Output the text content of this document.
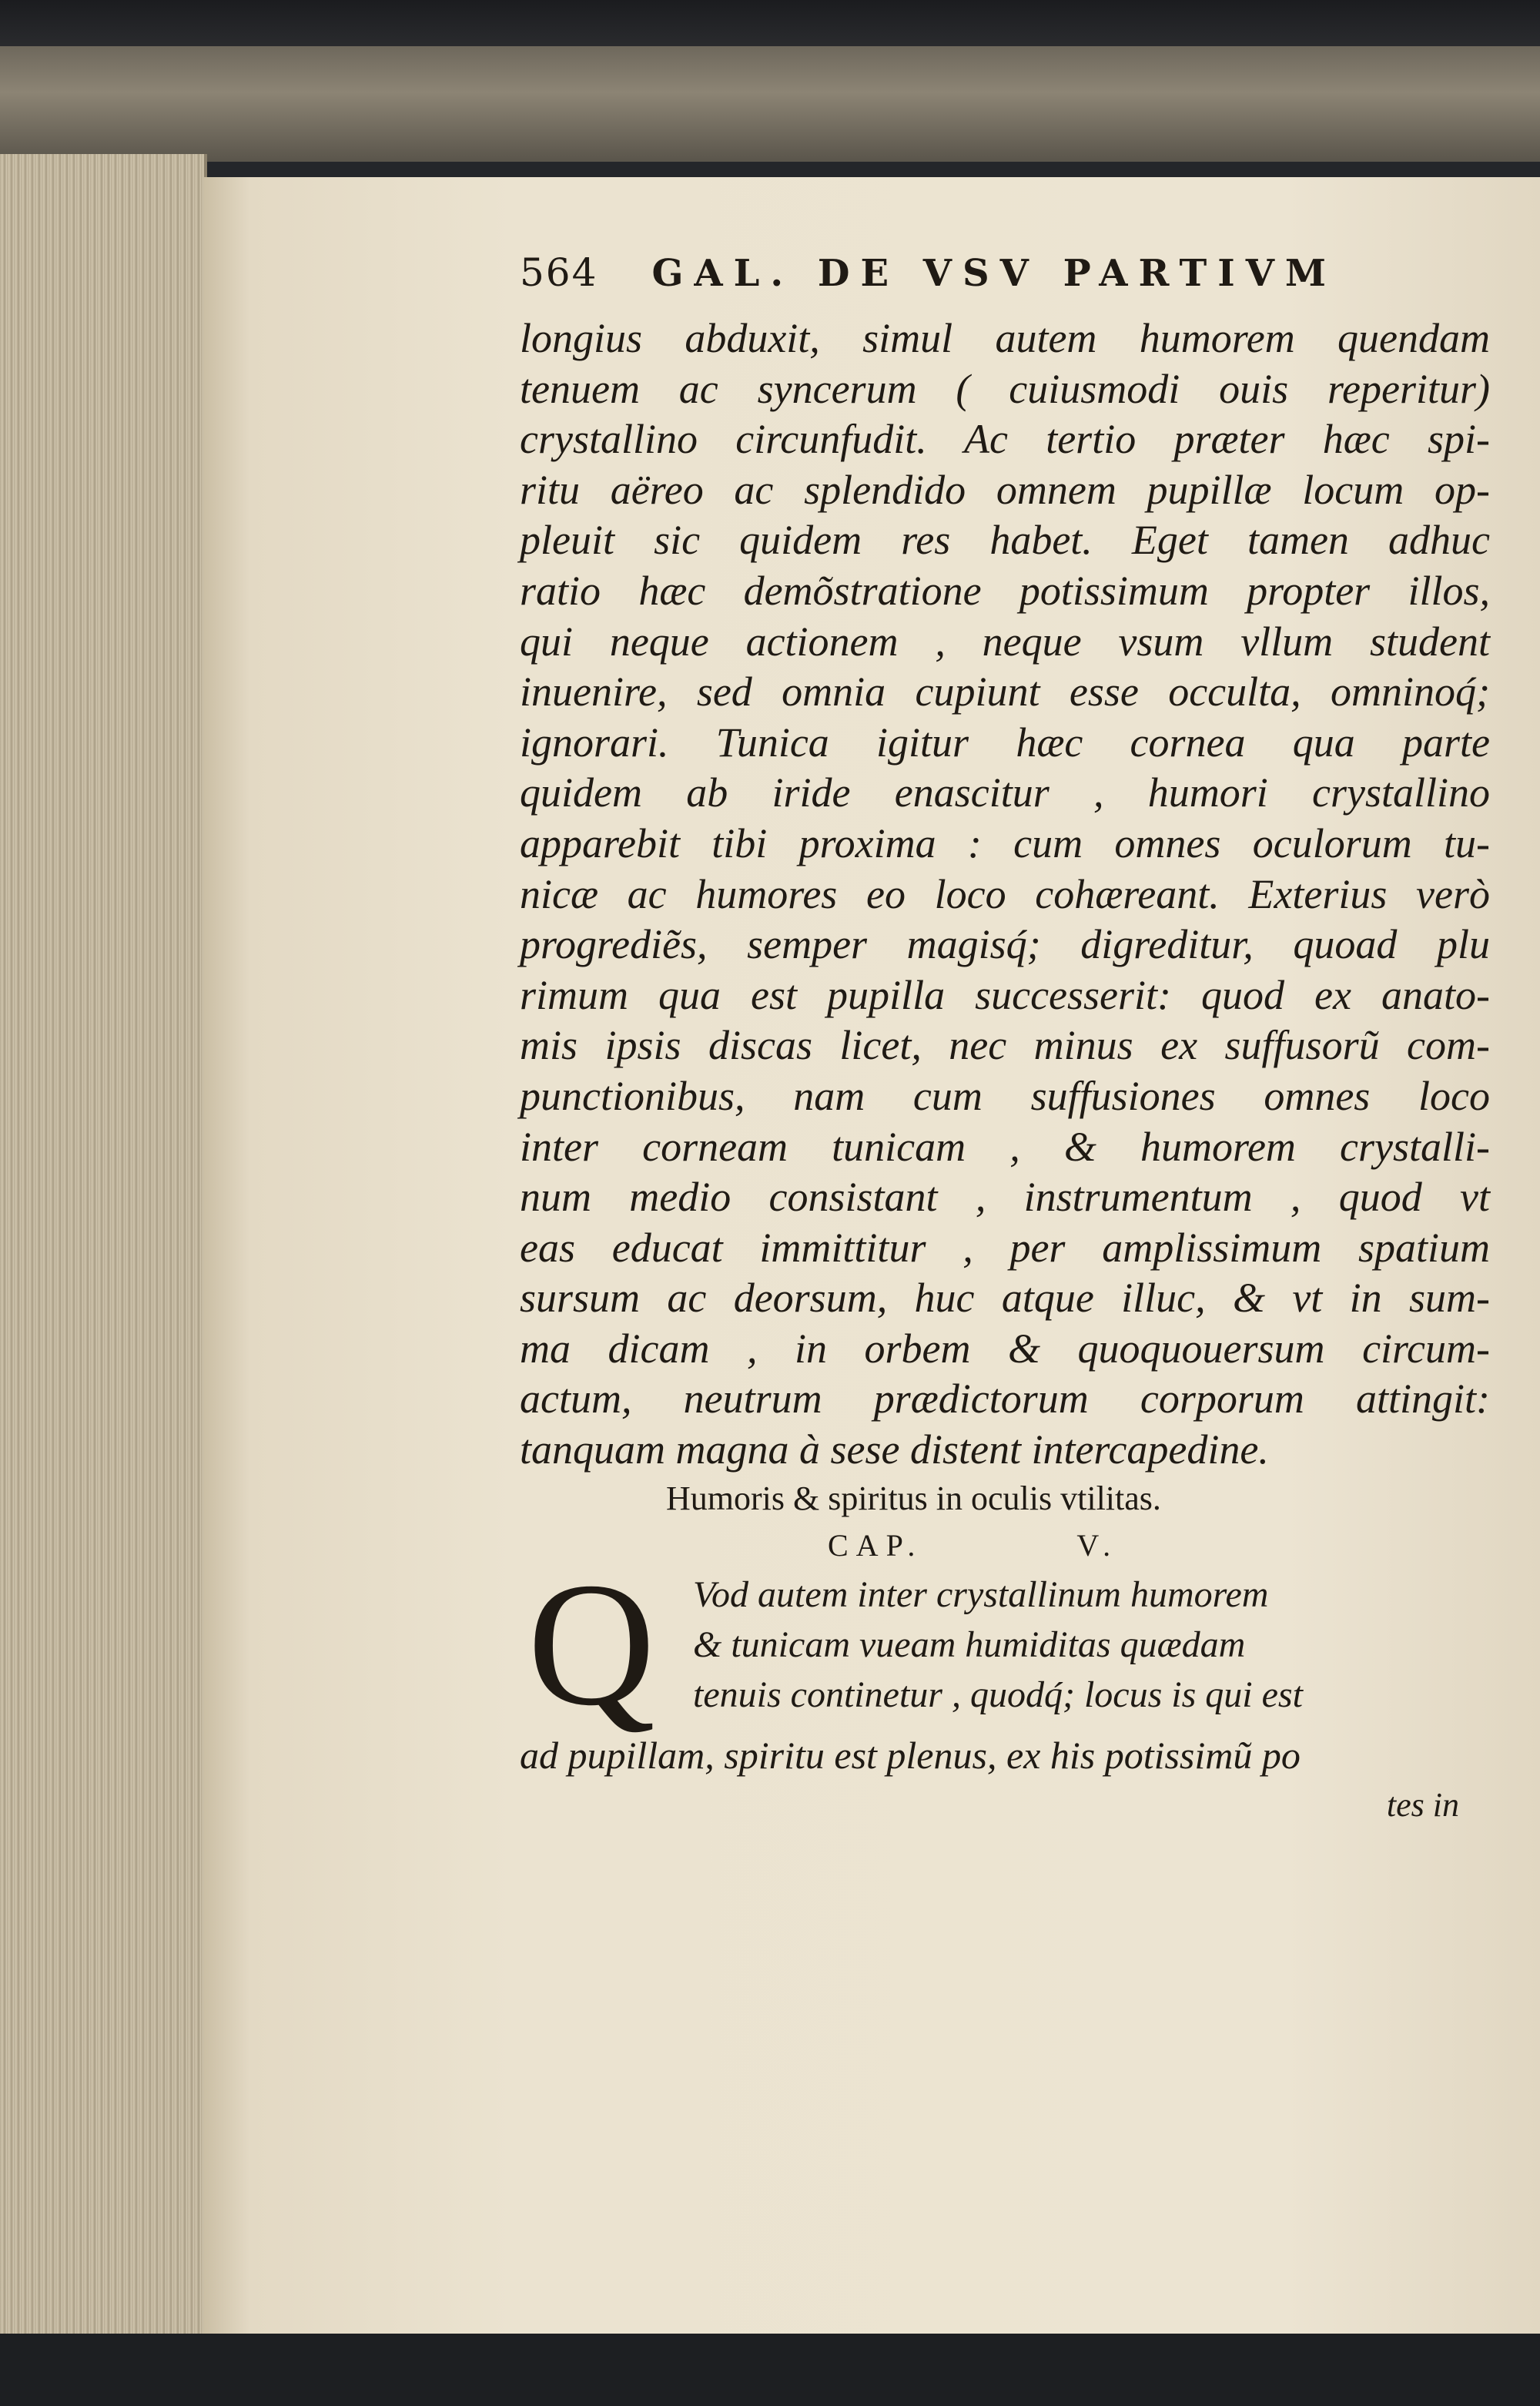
564 GAL. DE VSV PARTIVM
longius abduxit, simul autem humorem quendam
tenuem ac syncerum ( cuiusmodi ouis reperitur)
crystallino circunfudit. Ac tertio præter hæc spi-
ritu aëreo ac splendido omnem pupillæ locum op-
pleuit sic quidem res habet. Eget tamen adhuc
ratio hæc demõstratione potissimum propter illos,
qui neque actionem , neque vsum vllum student
inuenire, sed omnia cupiunt esse occulta, omninoq́;
ignorari. Tunica igitur hæc cornea qua parte
quidem ab iride enascitur , humori crystallino
apparebit tibi proxima : cum omnes oculorum tu-
nicæ ac humores eo loco cohæreant. Exterius verò
progrediẽs, semper magisq́; digreditur, quoad plu
rimum qua est pupilla successerit: quod ex anato-
mis ipsis discas licet, nec minus ex suffusorũ com-
punctionibus, nam cum suffusiones omnes loco
inter corneam tunicam , & humorem crystalli-
num medio consistant , instrumentum , quod vt
eas educat immittitur , per amplissimum spatium
sursum ac deorsum, huc atque illuc, & vt in sum-
ma dicam , in orbem & quoquouersum circum-
actum, neutrum prædictorum corporum attingit:
tanquam magna à sese distent intercapedine.
Humoris & spiritus in oculis vtilitas.
CAP.	V.
Q Vod autem inter crystallinum humorem
& tunicam vueam humiditas quædam
tenuis continetur , quodq́; locus is qui est
ad pupillam, spiritu est plenus, ex his potissimũ po
tes in
